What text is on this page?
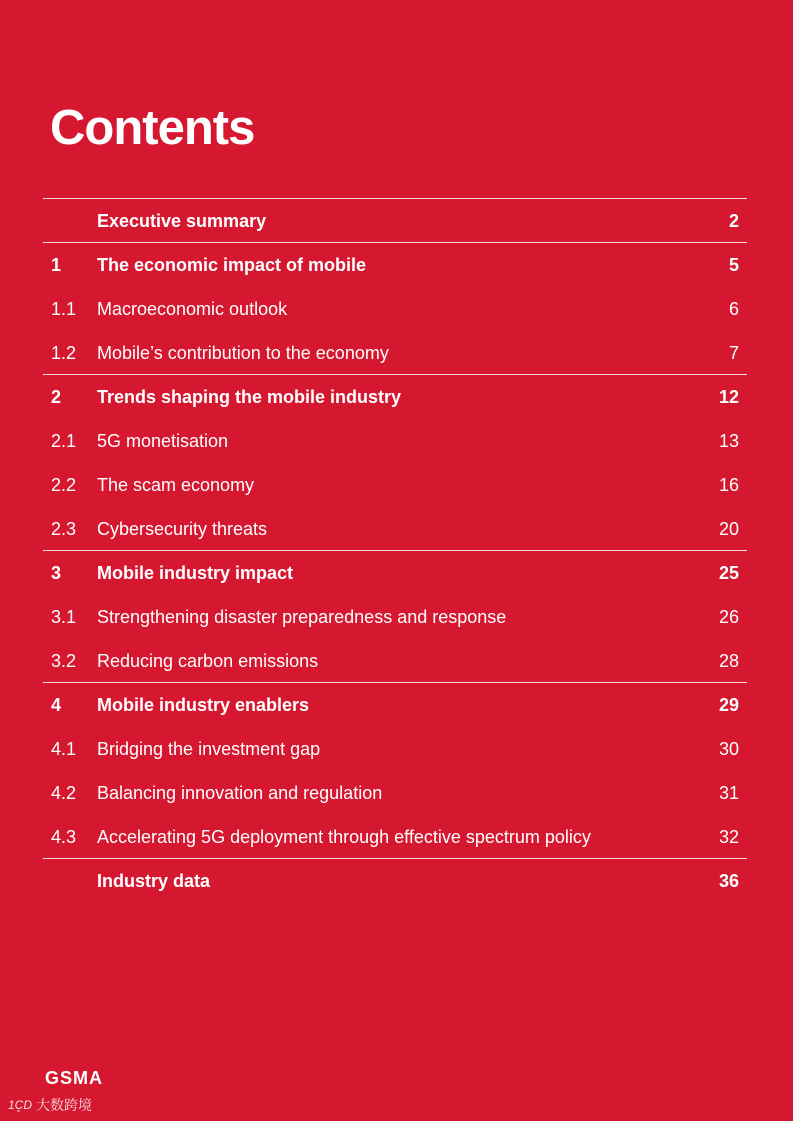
Contents
Executive summary	2
1 The economic impact of mobile	5
1.1 Macroeconomic outlook	6
1.2 Mobile’s contribution to the economy	7
2 Trends shaping the mobile industry	12
2.1 5G monetisation	13
2.2 The scam economy	16
2.3 Cybersecurity threats	20
3 Mobile industry impact	25
3.1 Strengthening disaster preparedness and response	26
3.2 Reducing carbon emissions	28
4 Mobile industry enablers	29
4.1 Bridging the investment gap	30
4.2 Balancing innovation and regulation	31
4.3 Accelerating 5G deployment through effective spectrum policy	32
Industry data	36
GSMA
1C̥D 大数跨境
